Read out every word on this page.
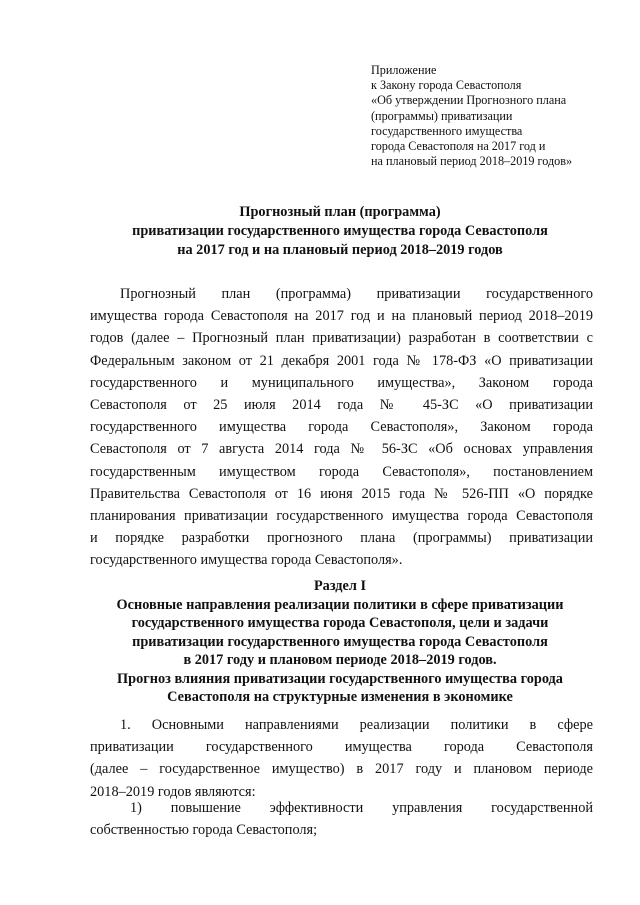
Приложение
к Закону города Севастополя
«Об утверждении Прогнозного плана
(программы) приватизации
государственного имущества
города Севастополя на 2017 год и
на плановый период 2018–2019 годов»
Прогнозный план (программа)
приватизации государственного имущества города Севастополя
на 2017 год и на плановый период 2018–2019 годов
Прогнозный план (программа) приватизации государственного
имущества города Севастополя на 2017 год и на плановый период 2018–2019
годов (далее – Прогнозный план приватизации) разработан в соответствии с
Федеральным законом от 21 декабря 2001 года № 178-ФЗ «О приватизации
государственного и муниципального имущества», Законом города
Севастополя от 25 июля 2014 года № 45-ЗС «О приватизации
государственного имущества города Севастополя», Законом города
Севастополя от 7 августа 2014 года № 56-ЗС «Об основах управления
государственным имуществом города Севастополя», постановлением
Правительства Севастополя от 16 июня 2015 года № 526-ПП «О порядке
планирования приватизации государственного имущества города Севастополя
и порядке разработки прогнозного плана (программы) приватизации
государственного имущества города Севастополя».
Раздел I
Основные направления реализации политики в сфере приватизации
государственного имущества города Севастополя, цели и задачи
приватизации государственного имущества города Севастополя
в 2017 году и плановом периоде 2018–2019 годов.
Прогноз влияния приватизации государственного имущества города
Севастополя на структурные изменения в экономике
1. Основными направлениями реализации политики в сфере
приватизации государственного имущества города Севастополя
(далее – государственное имущество) в 2017 году и плановом периоде
2018–2019 годов являются:
1) повышение эффективности управления государственной
собственностью города Севастополя;
